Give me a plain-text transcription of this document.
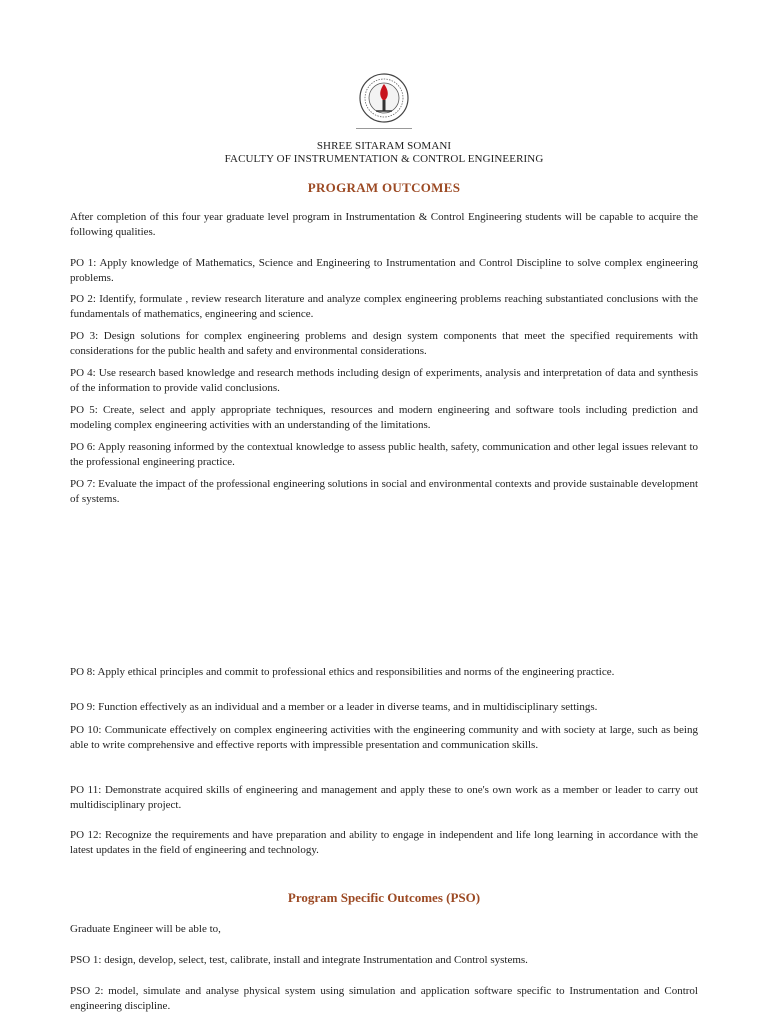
SHREE SITARAM SOMANI
FACULTY OF INSTRUMENTATION & CONTROL ENGINEERING
PROGRAM OUTCOMES
After completion of this four year graduate level program in Instrumentation & Control Engineering students will be capable to acquire the following qualities.
PO 1: Apply knowledge of Mathematics, Science and Engineering to Instrumentation and Control Discipline to solve complex engineering problems.
PO 2: Identify, formulate , review research literature and analyze complex engineering problems reaching substantiated conclusions with the fundamentals of mathematics, engineering and science.
PO 3: Design solutions for complex engineering problems and design system components that meet the specified requirements with considerations for the public health and safety and environmental considerations.
PO 4: Use research based knowledge and research methods including design of experiments, analysis and interpretation of data and synthesis of the information to provide valid conclusions.
PO 5: Create, select and apply appropriate techniques, resources and modern engineering and software tools including prediction and modeling complex engineering activities with an understanding of the limitations.
PO 6: Apply reasoning informed by the contextual knowledge to assess public health, safety, communication and other legal issues relevant to the professional engineering practice.
PO 7: Evaluate the impact of the professional engineering solutions in social and environmental contexts and provide sustainable development of systems.
PO 8: Apply ethical principles and commit to professional ethics and responsibilities and norms of the engineering practice.
PO 9: Function effectively as an individual and a member or a leader in diverse teams, and in multidisciplinary settings.
PO 10: Communicate effectively on complex engineering activities with the engineering community and with society at large, such as being able to write comprehensive and effective reports with impressible presentation and communication skills.
PO 11: Demonstrate acquired skills of engineering and management and apply these to one's own work as a member or leader to carry out multidisciplinary project.
PO 12: Recognize the requirements and have preparation and ability to engage in independent and life long learning in accordance with the latest updates in the field of engineering and technology.
Program Specific Outcomes (PSO)
Graduate Engineer will be able to,
PSO 1: design, develop, select, test, calibrate, install and integrate Instrumentation and Control systems.
PSO 2: model, simulate and analyse physical system using simulation and application software specific to Instrumentation and Control engineering discipline.
